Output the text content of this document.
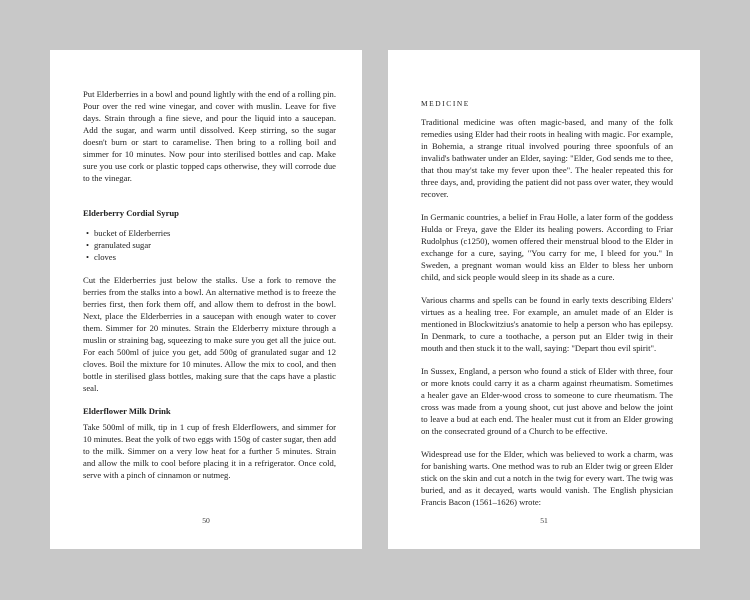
Put Elderberries in a bowl and pound lightly with the end of a rolling pin. Pour over the red wine vinegar, and cover with muslin. Leave for five days. Strain through a fine sieve, and pour the liquid into a saucepan. Add the sugar, and warm until dissolved. Keep stirring, so the sugar doesn't burn or start to caramelise. Then bring to a rolling boil and simmer for 10 minutes. Now pour into sterilised bottles and cap. Make sure you use cork or plastic topped caps otherwise, they will corrode due to the vinegar.

Elderberry Cordial Syrup

• bucket of Elderberries
• granulated sugar
• cloves

Cut the Elderberries just below the stalks. Use a fork to remove the berries from the stalks into a bowl. An alternative method is to freeze the berries first, then fork them off, and allow them to defrost in the bowl. Next, place the Elderberries in a saucepan with enough water to cover them. Simmer for 20 minutes. Strain the Elderberry mixture through a muslin or straining bag, squeezing to make sure you get all the juice out. For each 500ml of juice you get, add 500g of granulated sugar and 12 cloves. Boil the mixture for 10 minutes. Allow the mix to cool, and then bottle in sterilised glass bottles, making sure that the caps have a plastic seal.

Elderflower Milk Drink

Take 500ml of milk, tip in 1 cup of fresh Elderflowers, and simmer for 10 minutes. Beat the yolk of two eggs with 150g of caster sugar, then add to the milk. Simmer on a very low heat for a further 5 minutes. Strain and allow the milk to cool before placing it in a refrigerator. Once cold, serve with a pinch of cinnamon or nutmeg.

50

MEDICINE

Traditional medicine was often magic-based, and many of the folk remedies using Elder had their roots in healing with magic. For example, in Bohemia, a strange ritual involved pouring three spoonfuls of an invalid's bathwater under an Elder, saying: "Elder, God sends me to thee, that thou may'st take my fever upon thee". The healer repeated this for three days, and, providing the patient did not pass over water, they would recover.

In Germanic countries, a belief in Frau Holle, a later form of the goddess Hulda or Freya, gave the Elder its healing powers. According to Friar Rudolphus (c1250), women offered their menstrual blood to the Elder in exchange for a cure, saying, "You carry for me, I bleed for you." In Sweden, a pregnant woman would kiss an Elder to bless her unborn child, and sick people would sleep in its shade as a cure.

Various charms and spells can be found in early texts describing Elders' virtues as a healing tree. For example, an amulet made of an Elder is mentioned in Blockwitzius's anatomie to help a person who has epilepsy. In Denmark, to cure a toothache, a person put an Elder twig in their mouth and then stuck it to the wall, saying: "Depart thou evil spirit".

In Sussex, England, a person who found a stick of Elder with three, four or more knots could carry it as a charm against rheumatism. Sometimes a healer gave an Elder-wood cross to someone to cure rheumatism. The cross was made from a young shoot, cut just above and below the joint to leave a bud at each end. The healer must cut it from an Elder growing on the consecrated ground of a Church to be effective.

Widespread use for the Elder, which was believed to work a charm, was for banishing warts. One method was to rub an Elder twig or green Elder stick on the skin and cut a notch in the twig for every wart. The twig was buried, and as it decayed, warts would vanish. The English physician Francis Bacon (1561–1626) wrote:

51
